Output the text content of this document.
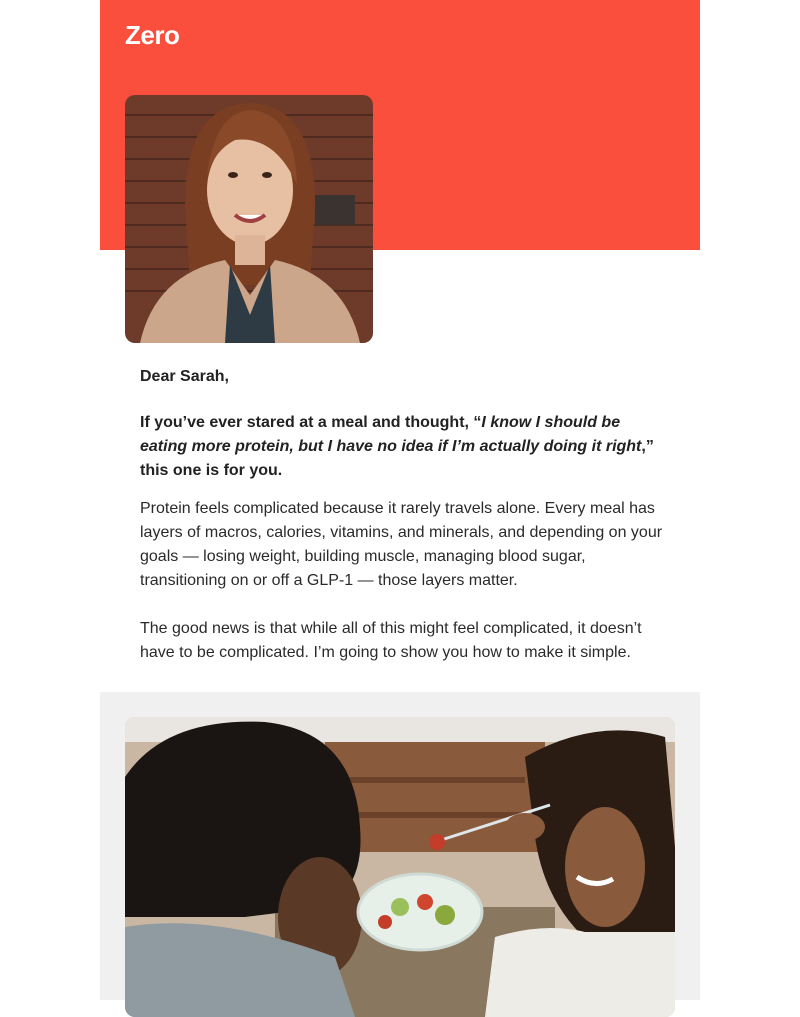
Zero

Dear Sarah,

If you’ve ever stared at a meal and thought, “I know I should be eating more protein, but I have no idea if I’m actually doing it right,” this one is for you.

Protein feels complicated because it rarely travels alone. Every meal has layers of macros, calories, vitamins, and minerals, and depending on your goals — losing weight, building muscle, managing blood sugar, transitioning on or off a GLP-1 — those layers matter.

The good news is that while all of this might feel complicated, it doesn’t have to be complicated. I’m going to show you how to make it simple.
